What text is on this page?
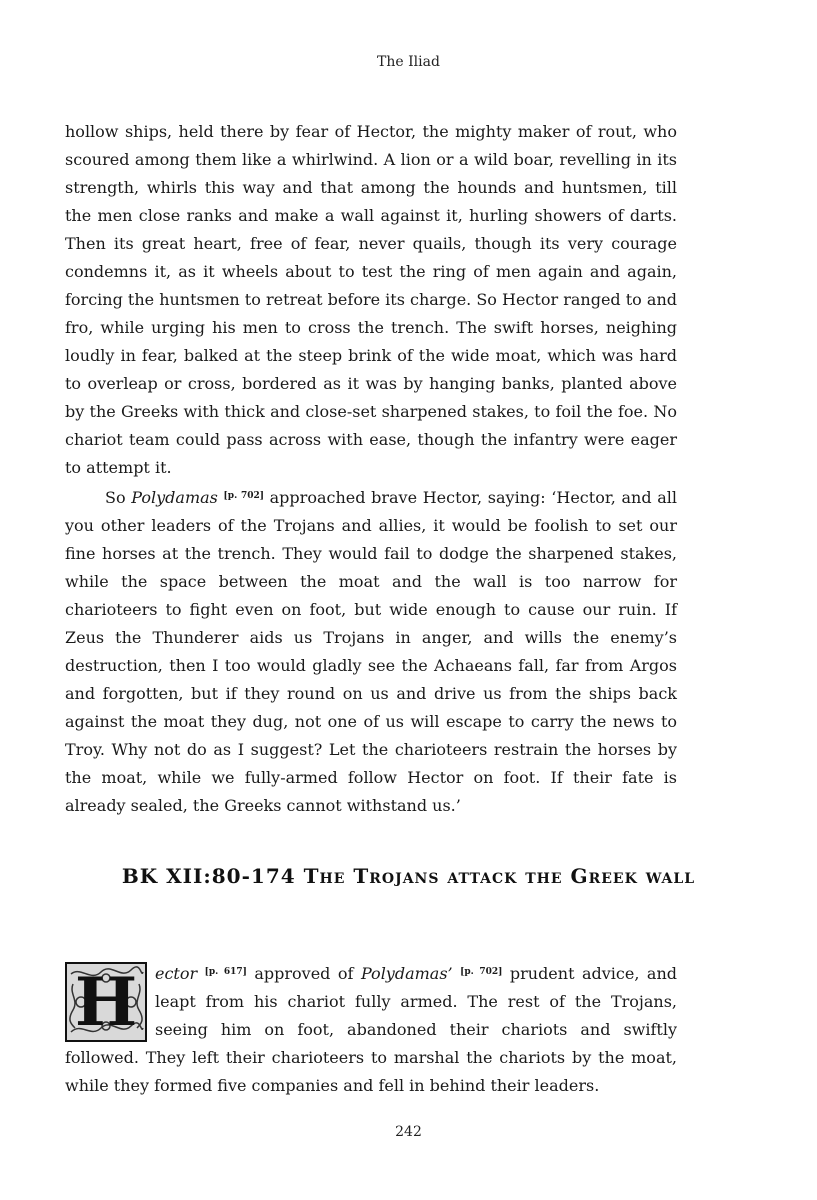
The Iliad

hollow ships, held there by fear of Hector, the mighty maker of rout, who scoured among them like a whirlwind. A lion or a wild boar, revelling in its strength, whirls this way and that among the hounds and huntsmen, till the men close ranks and make a wall against it, hurling showers of darts. Then its great heart, free of fear, never quails, though its very courage condemns it, as it wheels about to test the ring of men again and again, forcing the huntsmen to retreat before its charge. So Hector ranged to and fro, while urging his men to cross the trench. The swift horses, neighing loudly in fear, balked at the steep brink of the wide moat, which was hard to overleap or cross, bordered as it was by hanging banks, planted above by the Greeks with thick and close-set sharpened stakes, to foil the foe. No chariot team could pass across with ease, though the infantry were eager to attempt it.

So Polydamas [p. 702] approached brave Hector, saying: ‘Hector, and all you other leaders of the Trojans and allies, it would be foolish to set our fine horses at the trench. They would fail to dodge the sharpened stakes, while the space between the moat and the wall is too narrow for charioteers to fight even on foot, but wide enough to cause our ruin. If Zeus the Thunderer aids us Trojans in anger, and wills the enemy’s destruction, then I too would gladly see the Achaeans fall, far from Argos and forgotten, but if they round on us and drive us from the ships back against the moat they dug, not one of us will escape to carry the news to Troy. Why not do as I suggest? Let the charioteers restrain the horses by the moat, while we fully-armed follow Hector on foot. If their fate is already sealed, the Greeks cannot withstand us.’

BK XII:80-174 The Trojans attack the Greek wall
H	ector [p. 617] approved of Polydamas’ [p. 702] prudent advice, and leapt from his chariot fully armed. The rest of the Trojans, seeing him on foot, abandoned their chariots and swiftly followed. They left their charioteers to marshal the chariots by the moat, while they formed five companies and fell in behind their leaders.
242
